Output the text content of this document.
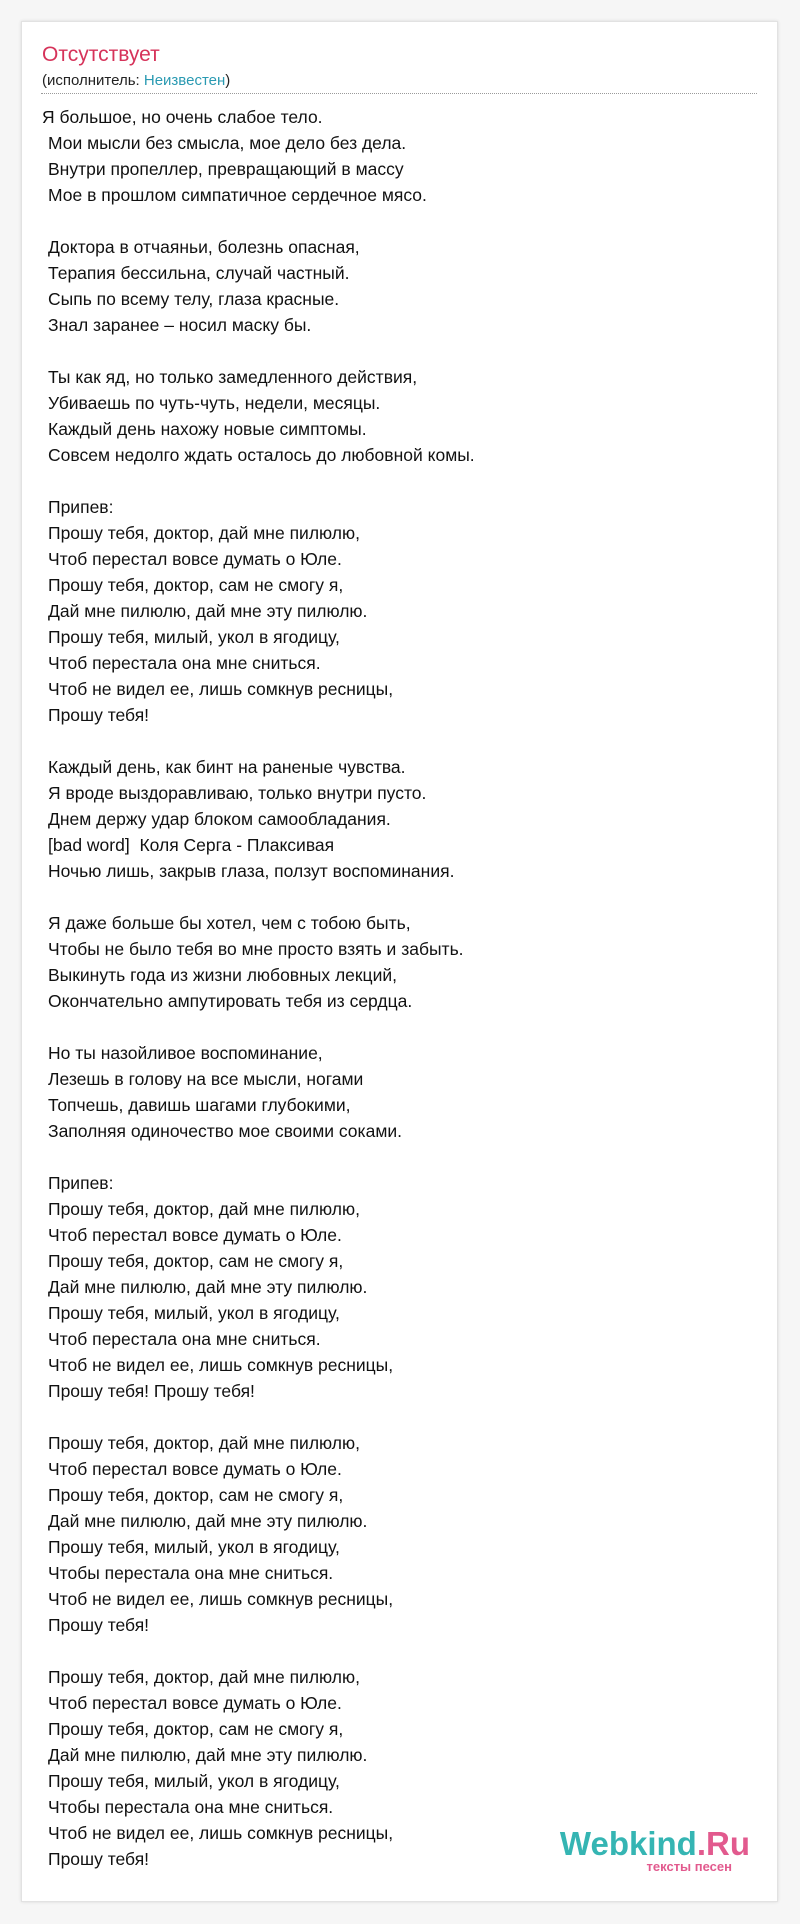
Отсутствует
(исполнитель: Неизвестен)
Я большое, но очень слабое тело.
Мои мысли без смысла, мое дело без дела.
Внутри пропеллер, превращающий в массу
Мое в прошлом симпатичное сердечное мясо.
Доктора в отчаяньи, болезнь опасная,
Терапия бессильна, случай частный.
Сыпь по всему телу, глаза красные.
Знал заранее – носил маску бы.
Ты как яд, но только замедленного действия,
Убиваешь по чуть-чуть, недели, месяцы.
Каждый день нахожу новые симптомы.
Совсем недолго ждать осталось до любовной комы.
Припев:
Прошу тебя, доктор, дай мне пилюлю,
Чтоб перестал вовсе думать о Юле.
Прошу тебя, доктор, сам не смогу я,
Дай мне пилюлю, дай мне эту пилюлю.
Прошу тебя, милый, укол в ягодицу,
Чтоб перестала она мне сниться.
Чтоб не видел ее, лишь сомкнув ресницы,
Прошу тебя!
Каждый день, как бинт на раненые чувства.
Я вроде выздоравливаю, только внутри пусто.
Днем держу удар блоком самообладания.
[bad word]  Коля Серга - Плаксивая
Ночью лишь, закрыв глаза, ползут воспоминания.
Я даже больше бы хотел, чем с тобою быть,
Чтобы не было тебя во мне просто взять и забыть.
Выкинуть года из жизни любовных лекций,
Окончательно ампутировать тебя из сердца.
Но ты назойливое воспоминание,
Лезешь в голову на все мысли, ногами
Топчешь, давишь шагами глубокими,
Заполняя одиночество мое своими соками.
Припев:
Прошу тебя, доктор, дай мне пилюлю,
Чтоб перестал вовсе думать о Юле.
Прошу тебя, доктор, сам не смогу я,
Дай мне пилюлю, дай мне эту пилюлю.
Прошу тебя, милый, укол в ягодицу,
Чтоб перестала она мне сниться.
Чтоб не видел ее, лишь сомкнув ресницы,
Прошу тебя! Прошу тебя!
Прошу тебя, доктор, дай мне пилюлю,
Чтоб перестал вовсе думать о Юле.
Прошу тебя, доктор, сам не смогу я,
Дай мне пилюлю, дай мне эту пилюлю.
Прошу тебя, милый, укол в ягодицу,
Чтобы перестала она мне сниться.
Чтоб не видел ее, лишь сомкнув ресницы,
Прошу тебя!
Прошу тебя, доктор, дай мне пилюлю,
Чтоб перестал вовсе думать о Юле.
Прошу тебя, доктор, сам не смогу я,
Дай мне пилюлю, дай мне эту пилюлю.
Прошу тебя, милый, укол в ягодицу,
Чтобы перестала она мне сниться.
Чтоб не видел ее, лишь сомкнув ресницы,
Прошу тебя!	Webkind.Ru
тексты песен
